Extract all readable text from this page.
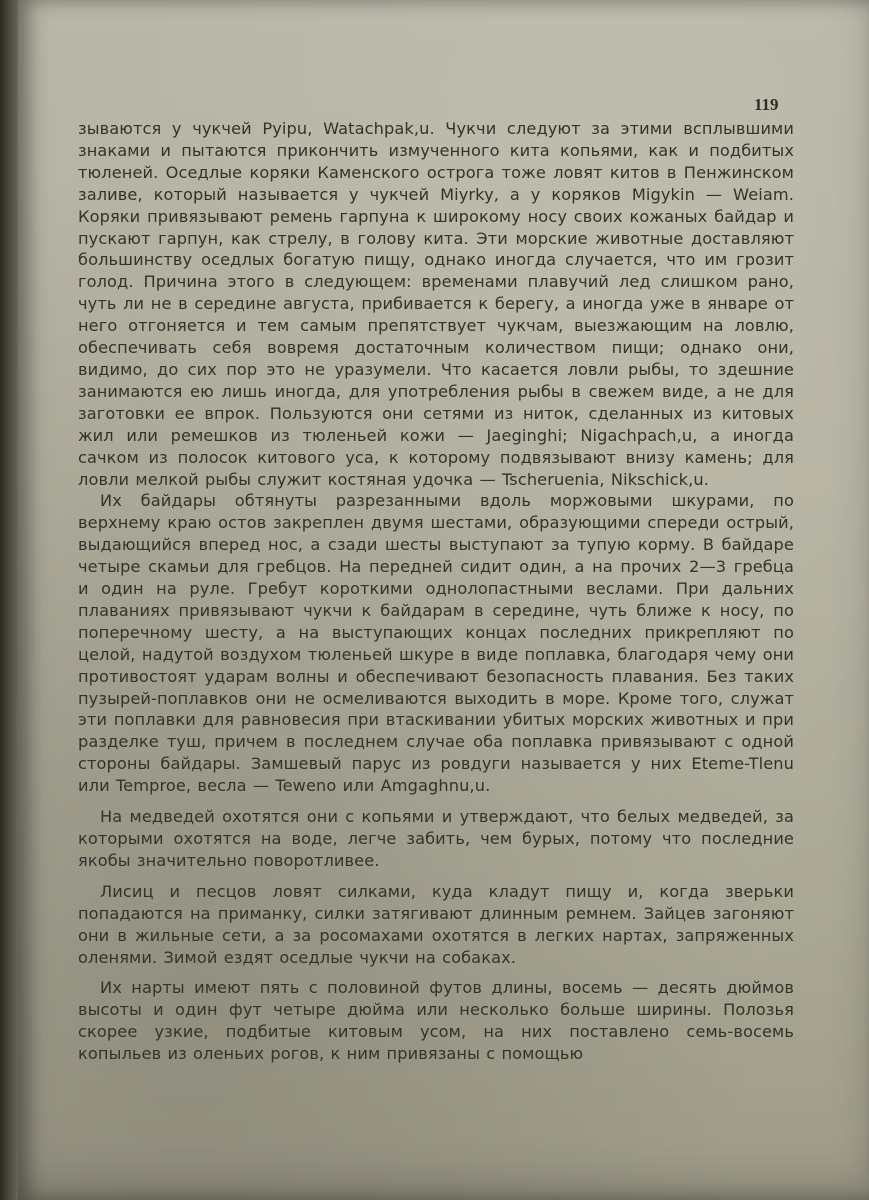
119

зываются у чукчей Pyipu, Watachpak,u. Чукчи следуют за этими всплывшими знаками и пытаются прикончить измученного кита копьями, как и подбитых тюленей. Оседлые коряки Каменского острога тоже ловят китов в Пенжинском заливе, который называется у чукчей Miyrky, а у коряков Migykin — Weiam. Коряки привязывают ремень гарпуна к широкому носу своих кожаных байдар и пускают гарпун, как стрелу, в голову кита. Эти морские животные доставляют большинству оседлых богатую пищу, однако иногда случается, что им грозит голод. Причина этого в следующем: временами плавучий лед слишком рано, чуть ли не в середине августа, прибивается к берегу, а иногда уже в январе от него отгоняется и тем самым препятствует чукчам, выезжающим на ловлю, обеспечивать себя вовремя достаточным количеством пищи; однако они, видимо, до сих пор это не уразумели. Что касается ловли рыбы, то здешние занимаются ею лишь иногда, для употребления рыбы в свежем виде, а не для заготовки ее впрок. Пользуются они сетями из ниток, сделанных из китовых жил или ремешков из тюленьей кожи — Jaeginghi; Nigachpach,u, а иногда сачком из полосок китового уса, к которому подвязывают внизу камень; для ловли мелкой рыбы служит костяная удочка — Tscheruenia, Nikschick,u.

Их байдары обтянуты разрезанными вдоль моржовыми шкурами, по верхнему краю остов закреплен двумя шестами, образующими спереди острый, выдающийся вперед нос, а сзади шесты выступают за тупую корму. В байдаре четыре скамьи для гребцов. На передней сидит один, а на прочих 2—3 гребца и один на руле. Гребут короткими однолопастными веслами. При дальних плаваниях привязывают чукчи к байдарам в середине, чуть ближе к носу, по поперечному шесту, а на выступающих концах последних прикрепляют по целой, надутой воздухом тюленьей шкуре в виде поплавка, благодаря чему они противостоят ударам волны и обеспечивают безопасность плавания. Без таких пузырей-поплавков они не осмеливаются выходить в море. Кроме того, служат эти поплавки для равновесия при втаскивании убитых морских животных и при разделке туш, причем в последнем случае оба поплавка привязывают с одной стороны байдары. Замшевый парус из ровдуги называется у них Eteme-Tlenu или Temproe, весла — Teweno или Amgaghnu,u.

На медведей охотятся они с копьями и утверждают, что белых медведей, за которыми охотятся на воде, легче забить, чем бурых, потому что последние якобы значительно поворотливее.

Лисиц и песцов ловят силками, куда кладут пищу и, когда зверьки попадаются на приманку, силки затягивают длинным ремнем. Зайцев загоняют они в жильные сети, а за росомахами охотятся в легких нартах, запряженных оленями. Зимой ездят оседлые чукчи на собаках.

Их нарты имеют пять с половиной футов длины, восемь — десять дюймов высоты и один фут четыре дюйма или несколько больше ширины. Полозья скорее узкие, подбитые китовым усом, на них поставлено семь-восемь копыльев из оленьих рогов, к ним привязаны с помощью
